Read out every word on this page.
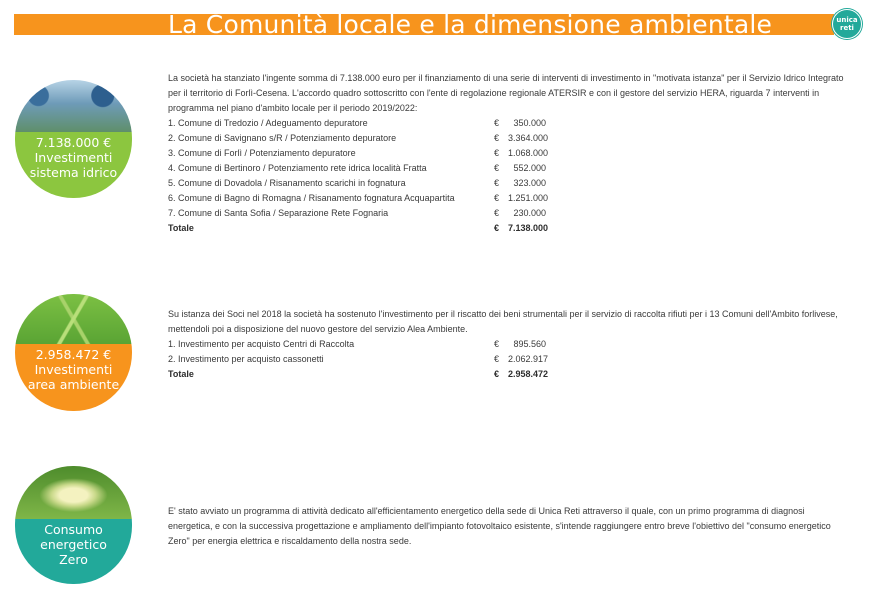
La Comunità locale e la dimensione ambientale	unica
reti
7.138.000 €
Investimenti
sistema idrico

La società ha stanziato l'ingente somma di 7.138.000 euro per il finanziamento di una serie di interventi di investimento in "motivata istanza" per il Servizio Idrico Integrato per il territorio di Forlì-Cesena. L'accordo quadro sottoscritto con l'ente di regolazione regionale ATERSIR e con il gestore del servizio HERA, riguarda 7 interventi in programma nel piano d'ambito locale per il periodo 2019/2022:

1. Comune di Tredozio / Adeguamento depuratore	€	350.000
2. Comune di Savignano s/R / Potenziamento depuratore	€ 3.364.000
3. Comune di Forlì / Potenziamento depuratore	€ 1.068.000
4. Comune di Bertinoro / Potenziamento rete idrica località Fratta	€	552.000
5. Comune di Dovadola / Risanamento scarichi in fognatura	€	323.000
6. Comune di Bagno di Romagna / Risanamento fognatura Acquapartita	€ 1.251.000
7. Comune di Santa Sofia / Separazione Rete Fognaria	€	230.000
Totale	€ 7.138.000
2.958.472 €
Investimenti
area ambiente

Su istanza dei Soci nel 2018 la società ha sostenuto l'investimento per il riscatto dei beni strumentali per il servizio di raccolta rifiuti per i 13 Comuni dell'Ambito forlivese, mettendoli poi a disposizione del nuovo gestore del servizio Alea Ambiente.

1. Investimento per acquisto Centri di Raccolta	€	895.560
2. Investimento per acquisto cassonetti	€ 2.062.917
Totale	€ 2.958.472
Consumo
energetico
Zero

E' stato avviato un programma di attività dedicato all'efficientamento energetico della sede di Unica Reti attraverso il quale, con un primo programma di diagnosi energetica, e con la successiva progettazione e ampliamento dell'impianto fotovoltaico esistente, s'intende raggiungere entro breve l'obiettivo del "consumo energetico Zero" per energia elettrica e riscaldamento della nostra sede.
